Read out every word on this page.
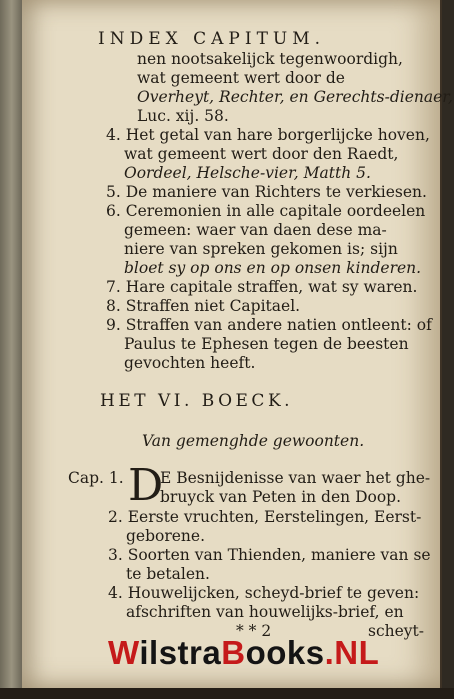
INDEX CAPITUM.
nen nootsakelijck tegenwoordigh,
wat gemeent wert door de
Overheyt, Rechter, en Gerechts-dienaer,
Luc. xij. 58.
4. Het getal van hare borgerlijcke hoven,
wat gemeent wert door den Raedt,
Oordeel, Helsche-vier, Matth 5.
5. De maniere van Richters te verkiesen.
6. Ceremonien in alle capitale oordeelen
gemeen: waer van daen dese ma-
niere van spreken gekomen is; sijn
bloet sy op ons en op onsen kinderen.
7. Hare capitale straffen, wat sy waren.
8. Straffen niet Capitael.
9. Straffen van andere natien ontleent: of
Paulus te Ephesen tegen de beesten
gevochten heeft.
HET VI. BOECK.
Van gemenghde gewoonten.
Cap. 1. D
E Besnijdenisse van waer het ghe-
bruyck van Peten in den Doop.
2. Eerste vruchten, Eerstelingen, Eerst-
geborene.
3. Soorten van Thienden, maniere van se
te betalen.
4. Houwelijcken, scheyd-brief te geven:
afschriften van houwelijks-brief, en
* * 2	scheyt-
WilstraBooks.NL
